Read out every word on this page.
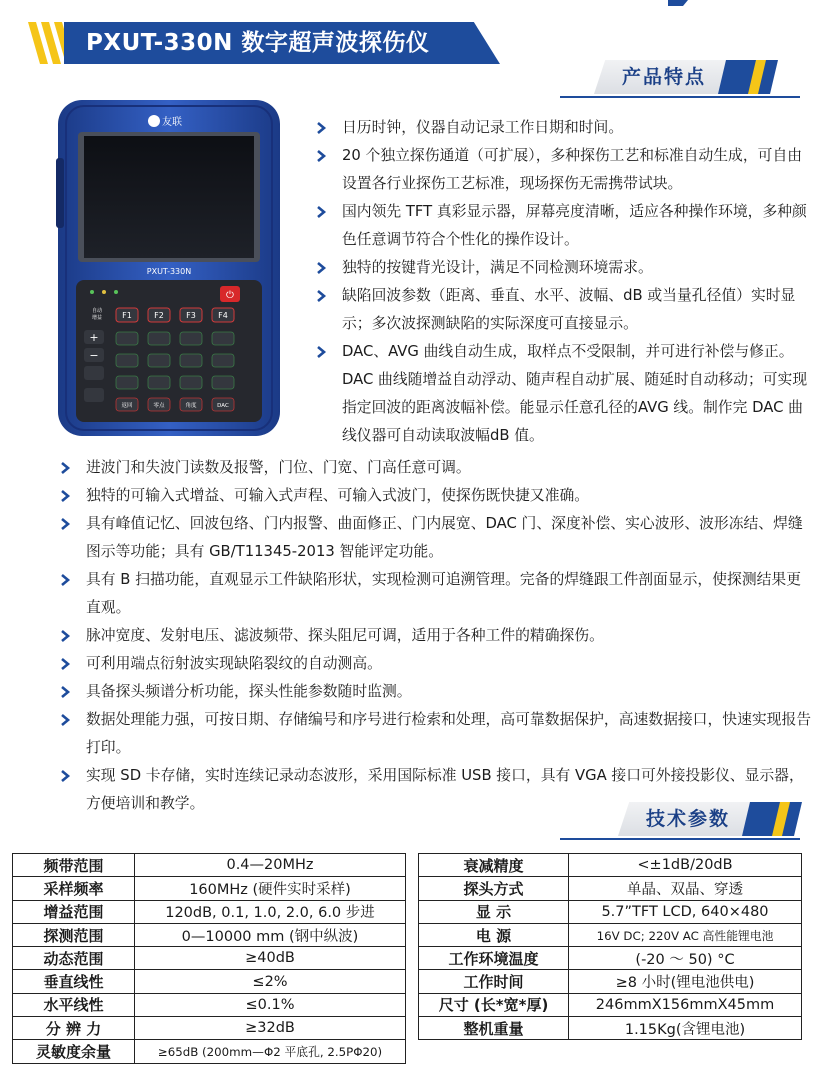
PXUT-330N 数字超声波探伤仪
产品特点
友联
PXUT-330N
⏻
F1	F2	F3	F4
自动
增益
+
−
返回	零点	角度	DAC
日历时钟，仪器自动记录工作日期和时间。
20 个独立探伤通道（可扩展），多种探伤工艺和标准自动生成，可自由设置各行业探伤工艺标准，现场探伤无需携带试块。
国内领先 TFT 真彩显示器，屏幕亮度清晰，适应各种操作环境，多种颜色任意调节符合个性化的操作设计。
独特的按键背光设计，满足不同检测环境需求。
缺陷回波参数（距离、垂直、水平、波幅、dB 或当量孔径值）实时显示；多次波探测缺陷的实际深度可直接显示。
DAC、AVG 曲线自动生成，取样点不受限制，并可进行补偿与修正。DAC 曲线随增益自动浮动、随声程自动扩展、随延时自动移动；可实现指定回波的距离波幅补偿。能显示任意孔径的AVG 线。制作完 DAC 曲线仪器可自动读取波幅dB 值。
进波门和失波门读数及报警，门位、门宽、门高任意可调。
独特的可输入式增益、可输入式声程、可输入式波门，使探伤既快捷又准确。
具有峰值记忆、回波包络、门内报警、曲面修正、门内展宽、DAC 门、深度补偿、实心波形、波形冻结、焊缝图示等功能；具有 GB/T11345-2013 智能评定功能。
具有 B 扫描功能，直观显示工件缺陷形状，实现检测可追溯管理。完备的焊缝跟工件剖面显示，使探测结果更直观。
脉冲宽度、发射电压、滤波频带、探头阻尼可调，适用于各种工件的精确探伤。
可利用端点衍射波实现缺陷裂纹的自动测高。
具备探头频谱分析功能，探头性能参数随时监测。
数据处理能力强，可按日期、存储编号和序号进行检索和处理，高可靠数据保护，高速数据接口，快速实现报告打印。
实现 SD 卡存储，实时连续记录动态波形，采用国际标准 USB 接口，具有 VGA 接口可外接投影仪、显示器，方便培训和教学。
技术参数
频带范围	0.4—20MHz
采样频率	160MHz (硬件实时采样)
增益范围	120dB, 0.1, 1.0, 2.0, 6.0 步进
探测范围	0—10000 mm (钢中纵波)
动态范围	≥40dB
垂直线性	≤2%
水平线性	≤0.1%
分 辨 力	≥32dB
灵敏度余量	≥65dB (200mm—Φ2 平底孔, 2.5PΦ20)
衰减精度	<±1dB/20dB
探头方式	单晶、双晶、穿透
显 示	5.7”TFT LCD, 640×480
电 源	16V DC; 220V AC 高性能锂电池
工作环境温度	(-20 ～ 50) °C
工作时间	≥8 小时(锂电池供电)
尺寸 (长*宽*厚)	246mmX156mmX45mm
整机重量	1.15Kg(含锂电池)
